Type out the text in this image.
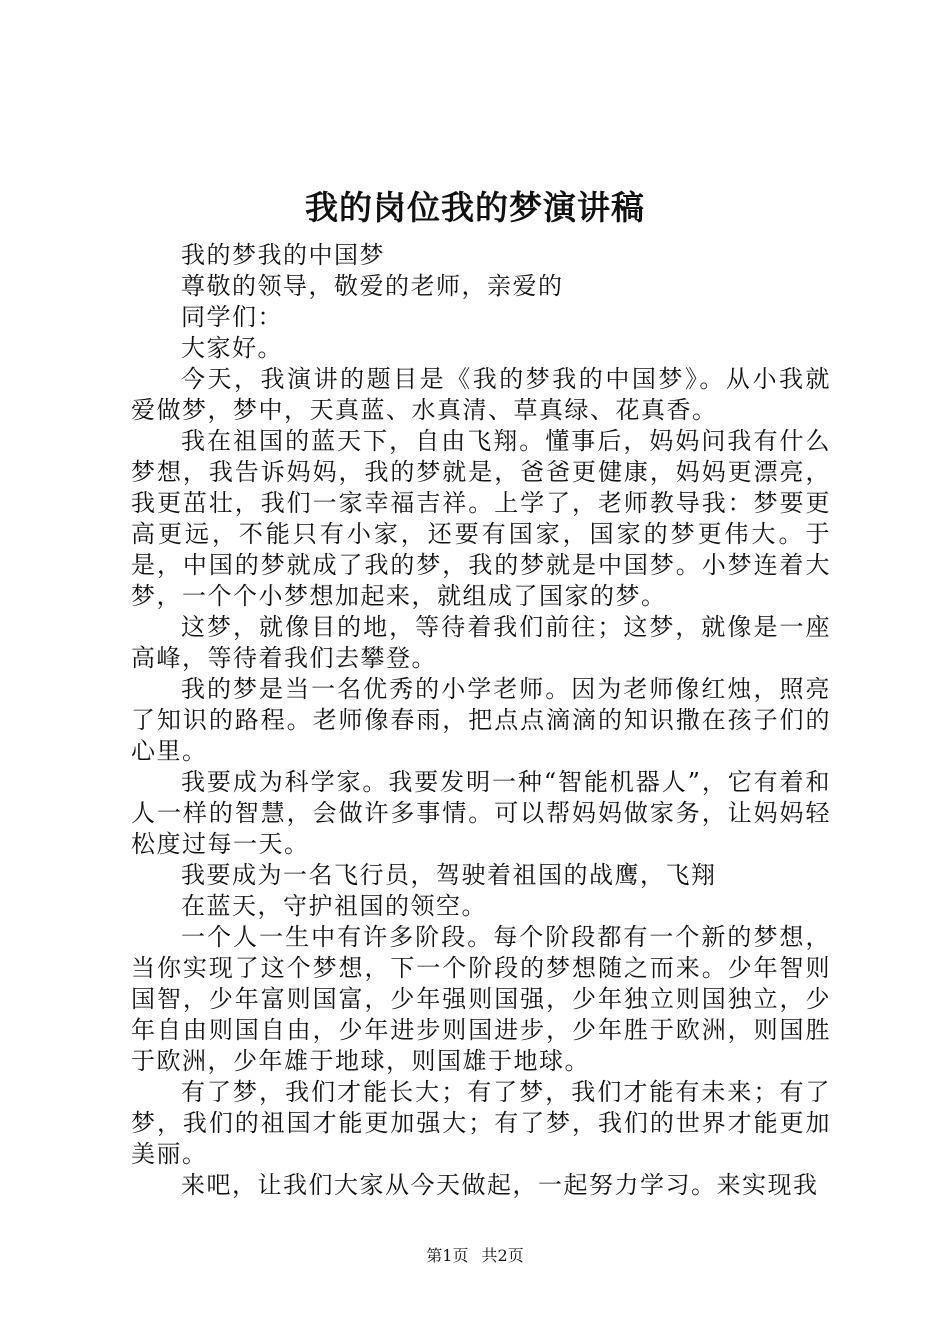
我的岗位我的梦演讲稿

我的梦我的中国梦

尊敬的领导，敬爱的老师，亲爱的

同学们：

大家好。

今天，我演讲的题目是《我的梦我的中国梦》。从小我就爱做梦，梦中，天真蓝、水真清、草真绿、花真香。

我在祖国的蓝天下，自由飞翔。懂事后，妈妈问我有什么梦想，我告诉妈妈，我的梦就是，爸爸更健康，妈妈更漂亮，我更茁壮，我们一家幸福吉祥。上学了，老师教导我：梦要更高更远，不能只有小家，还要有国家，国家的梦更伟大。于是，中国的梦就成了我的梦，我的梦就是中国梦。小梦连着大梦，一个个小梦想加起来，就组成了国家的梦。

这梦，就像目的地，等待着我们前往；这梦，就像是一座高峰，等待着我们去攀登。

我的梦是当一名优秀的小学老师。因为老师像红烛，照亮了知识的路程。老师像春雨，把点点滴滴的知识撒在孩子们的心里。

我要成为科学家。我要发明一种“智能机器人”，它有着和人一样的智慧，会做许多事情。可以帮妈妈做家务，让妈妈轻松度过每一天。

我要成为一名飞行员，驾驶着祖国的战鹰，飞翔

在蓝天，守护祖国的领空。

一个人一生中有许多阶段。每个阶段都有一个新的梦想，当你实现了这个梦想，下一个阶段的梦想随之而来。少年智则国智，少年富则国富，少年强则国强，少年独立则国独立，少年自由则国自由，少年进步则国进步，少年胜于欧洲，则国胜于欧洲，少年雄于地球，则国雄于地球。

有了梦，我们才能长大；有了梦，我们才能有未来；有了梦，我们的祖国才能更加强大；有了梦，我们的世界才能更加美丽。

来吧，让我们大家从今天做起，一起努力学习。来实现我

第1页 共2页
